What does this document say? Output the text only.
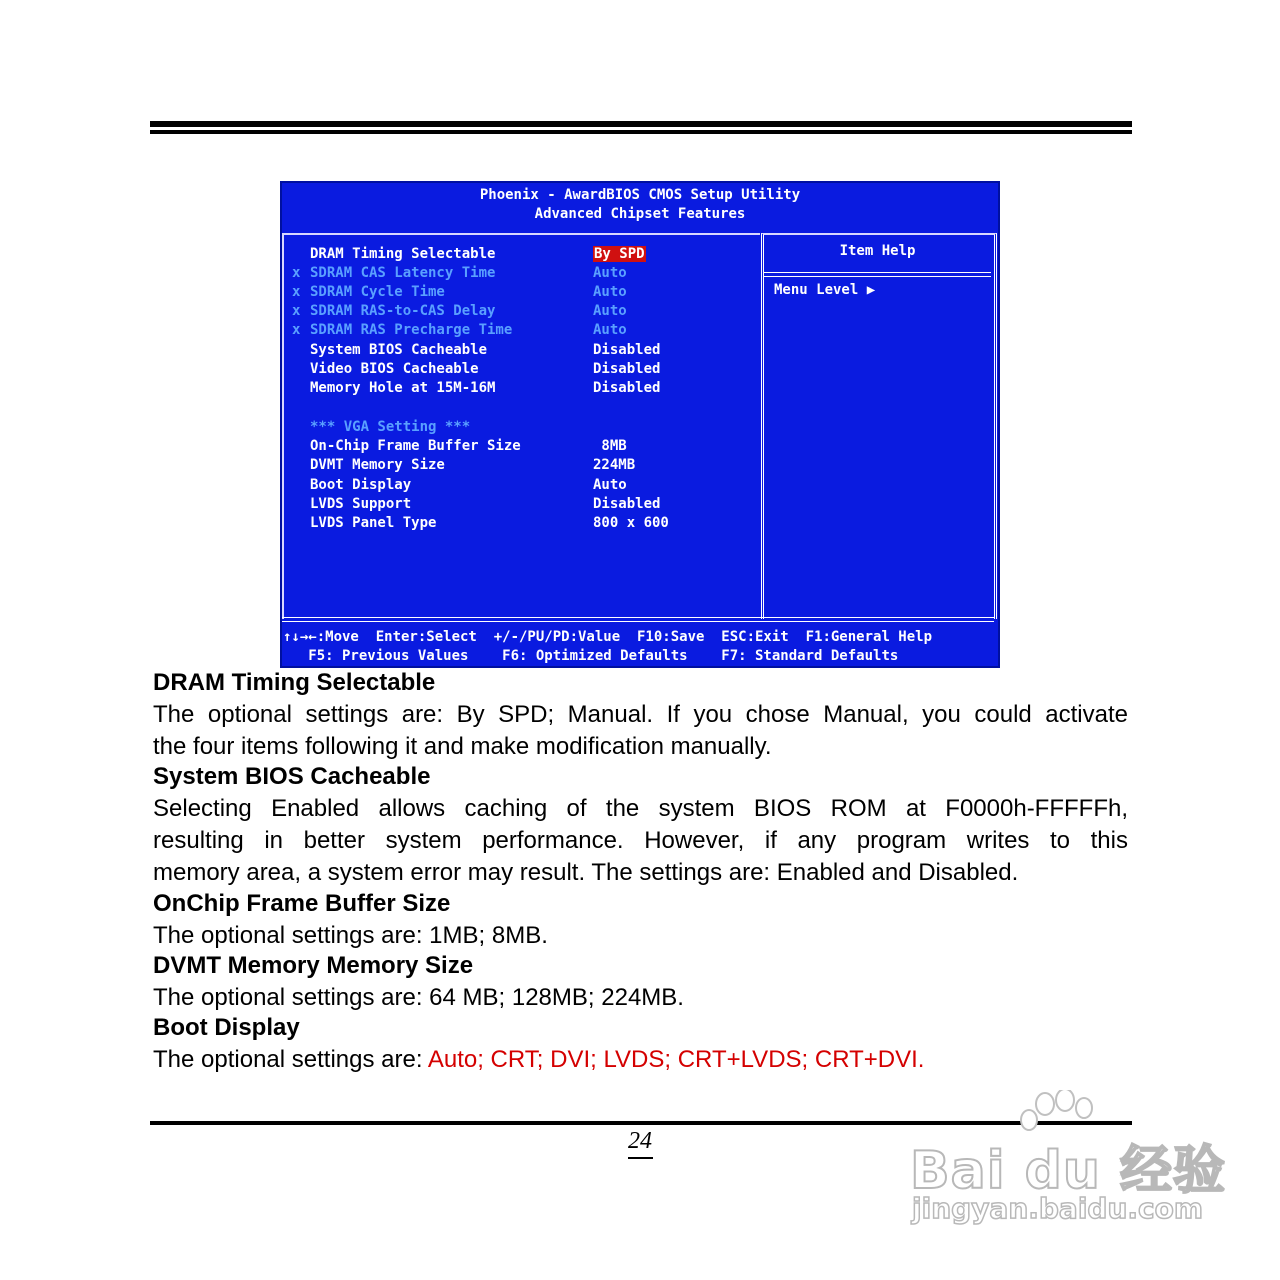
Phoenix - AwardBIOS CMOS Setup Utility
Advanced Chipset Features
DRAM Timing Selectable	By SPD
x SDRAM CAS Latency Time	Auto
x SDRAM Cycle Time	Auto
x SDRAM RAS-to-CAS Delay	Auto
x SDRAM RAS Precharge Time	Auto
System BIOS Cacheable	Disabled
Video BIOS Cacheable	Disabled
Memory Hole at 15M-16M	Disabled
*** VGA Setting ***
On-Chip Frame Buffer Size	8MB
DVMT Memory Size	224MB
Boot Display	Auto
LVDS Support	Disabled
LVDS Panel Type	800 x 600
Item Help
Menu Level ▶
↑↓→←:Move  Enter:Select  +/-/PU/PD:Value  F10:Save  ESC:Exit  F1:General Help
F5: Previous Values    F6: Optimized Defaults    F7: Standard Defaults
DRAM Timing Selectable
The optional settings are: By SPD; Manual. If you chose Manual, you could activate
the four items following it and make modification manually.
System BIOS Cacheable
Selecting Enabled allows caching of the system BIOS ROM at F0000h-FFFFFh,
resulting in better system performance. However, if any program writes to this
memory area, a system error may result. The settings are: Enabled and Disabled.
OnChip Frame Buffer Size
The optional settings are: 1MB; 8MB.
DVMT Memory Memory Size
The optional settings are: 64 MB; 128MB; 224MB.
Boot Display
The optional settings are: Auto; CRT; DVI; LVDS; CRT+LVDS; CRT+DVI.
24	Bai du 经验
jingyan.baidu.com
